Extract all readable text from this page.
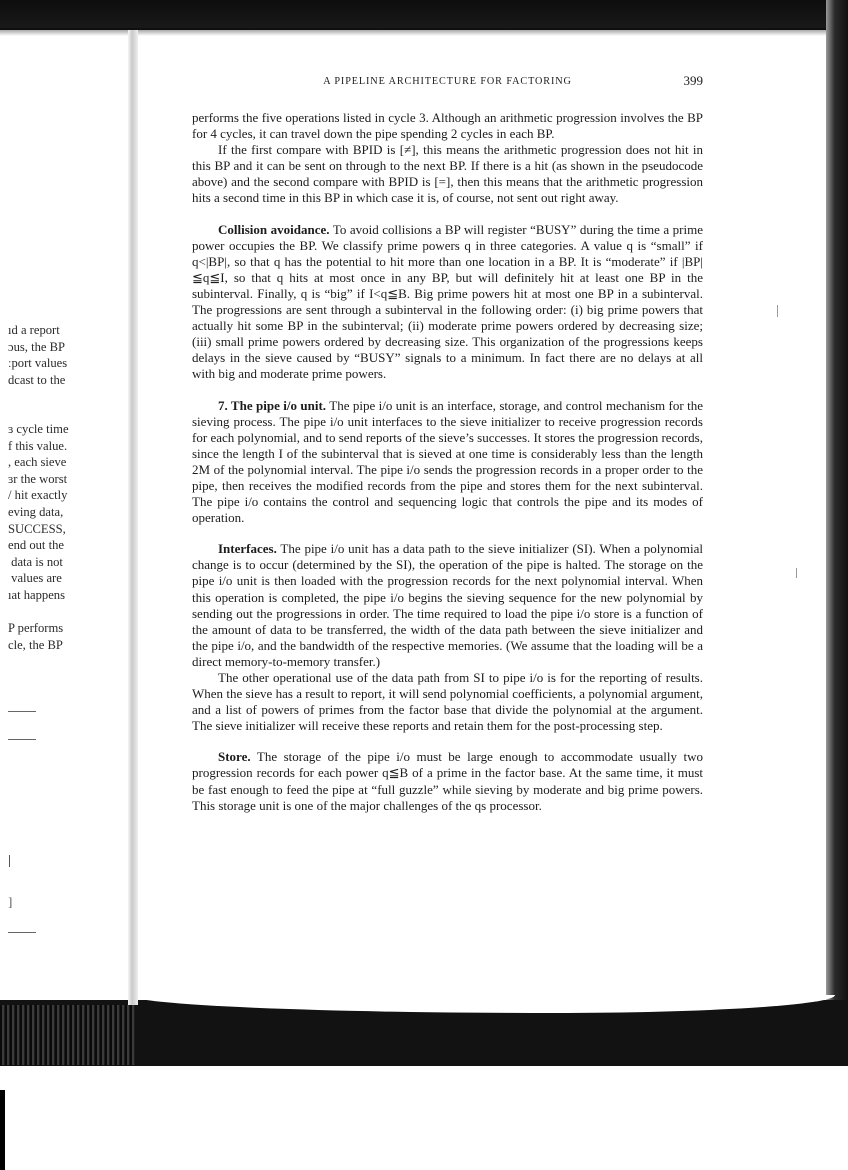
ıd a report
ɔus, the BP
ːport values
dcast to the
ɜ cycle time
f this value.
, each sieve
ɜr the worst
/ hit exactly
eving data,
SUCCESS,
end out the
data is not
values are
ıat happens
P performs
cle, the BP
]
A PIPELINE ARCHITECTURE FOR FACTORING	399

performs the five operations listed in cycle 3. Although an arithmetic progression involves the BP for 4 cycles, it can travel down the pipe spending 2 cycles in each BP.

If the first compare with BPID is [≠], this means the arithmetic progression does not hit in this BP and it can be sent on through to the next BP. If there is a hit (as shown in the pseudocode above) and the second compare with BPID is [=], then this means that the arithmetic progression hits a second time in this BP in which case it is, of course, not sent out right away.

Collision avoidance. To avoid collisions a BP will register “BUSY” during the time a prime power occupies the BP. We classify prime powers q in three categories. A value q is “small” if q<|BP|, so that q has the potential to hit more than one location in a BP. It is “moderate” if |BP|≦q≦I, so that q hits at most once in any BP, but will definitely hit at least one BP in the subinterval. Finally, q is “big” if I<q≦B. Big prime powers hit at most one BP in a subinterval. The progressions are sent through a subinterval in the following order: (i) big prime powers that actually hit some BP in the subinterval; (ii) moderate prime powers ordered by decreasing size; (iii) small prime powers ordered by decreasing size. This organization of the progressions keeps delays in the sieve caused by “BUSY” signals to a minimum. In fact there are no delays at all with big and moderate prime powers.

7. The pipe i/o unit. The pipe i/o unit is an interface, storage, and control mechanism for the sieving process. The pipe i/o unit interfaces to the sieve initializer to receive progression records for each polynomial, and to send reports of the sieve’s successes. It stores the progression records, since the length I of the subinterval that is sieved at one time is considerably less than the length 2M of the polynomial interval. The pipe i/o sends the progression records in a proper order to the pipe, then receives the modified records from the pipe and stores them for the next subinterval. The pipe i/o contains the control and sequencing logic that controls the pipe and its modes of operation.

Interfaces. The pipe i/o unit has a data path to the sieve initializer (SI). When a polynomial change is to occur (determined by the SI), the operation of the pipe is halted. The storage on the pipe i/o unit is then loaded with the progression records for the next polynomial interval. When this operation is completed, the pipe i/o begins the sieving sequence for the new polynomial by sending out the progressions in order. The time required to load the pipe i/o store is a function of the amount of data to be transferred, the width of the data path between the sieve initializer and the pipe i/o, and the bandwidth of the respective memories. (We assume that the loading will be a direct memory-to-memory transfer.)

The other operational use of the data path from SI to pipe i/o is for the reporting of results. When the sieve has a result to report, it will send polynomial coefficients, a polynomial argument, and a list of powers of primes from the factor base that divide the polynomial at the argument. The sieve initializer will receive these reports and retain them for the post-processing step.

Store. The storage of the pipe i/o must be large enough to accommodate usually two progression records for each power q≦B of a prime in the factor base. At the same time, it must be fast enough to feed the pipe at “full guzzle” while sieving by moderate and big prime powers. This storage unit is one of the major challenges of the qs processor.
